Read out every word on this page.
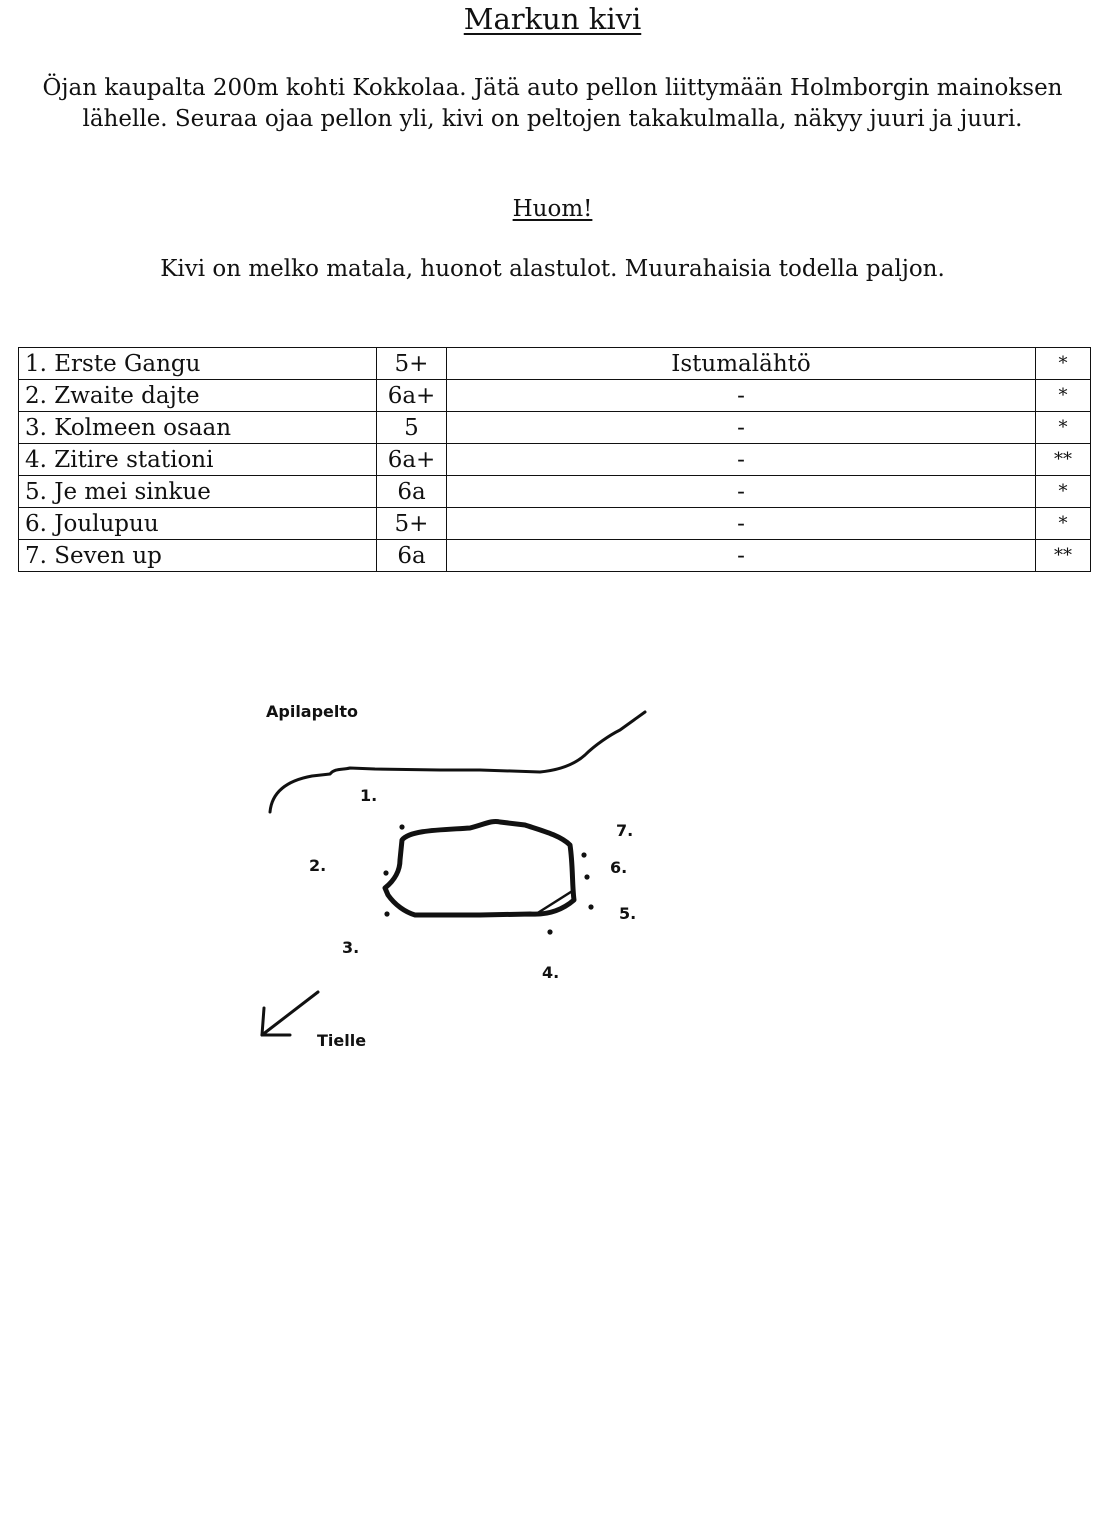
Markun kivi
Öjan kaupalta 200m kohti Kokkolaa. Jätä auto pellon liittymään Holmborgin mainoksen lähelle. Seuraa ojaa pellon yli, kivi on peltojen takakulmalla, näkyy juuri ja juuri.
Huom!
Kivi on melko matala, huonot alastulot. Muurahaisia todella paljon.
1. Erste Gangu	5+	Istumalähtö	*
2. Zwaite dajte	6a+	-	*
3. Kolmeen osaan	5	-	*
4. Zitire stationi	6a+	-	**
5. Je mei sinkue	6a	-	*
6. Joulupuu	5+	-	*
7. Seven up	6a	-	**
Apilapelto
1.
2.
3.
4.
5.
6.
7.
Tielle
